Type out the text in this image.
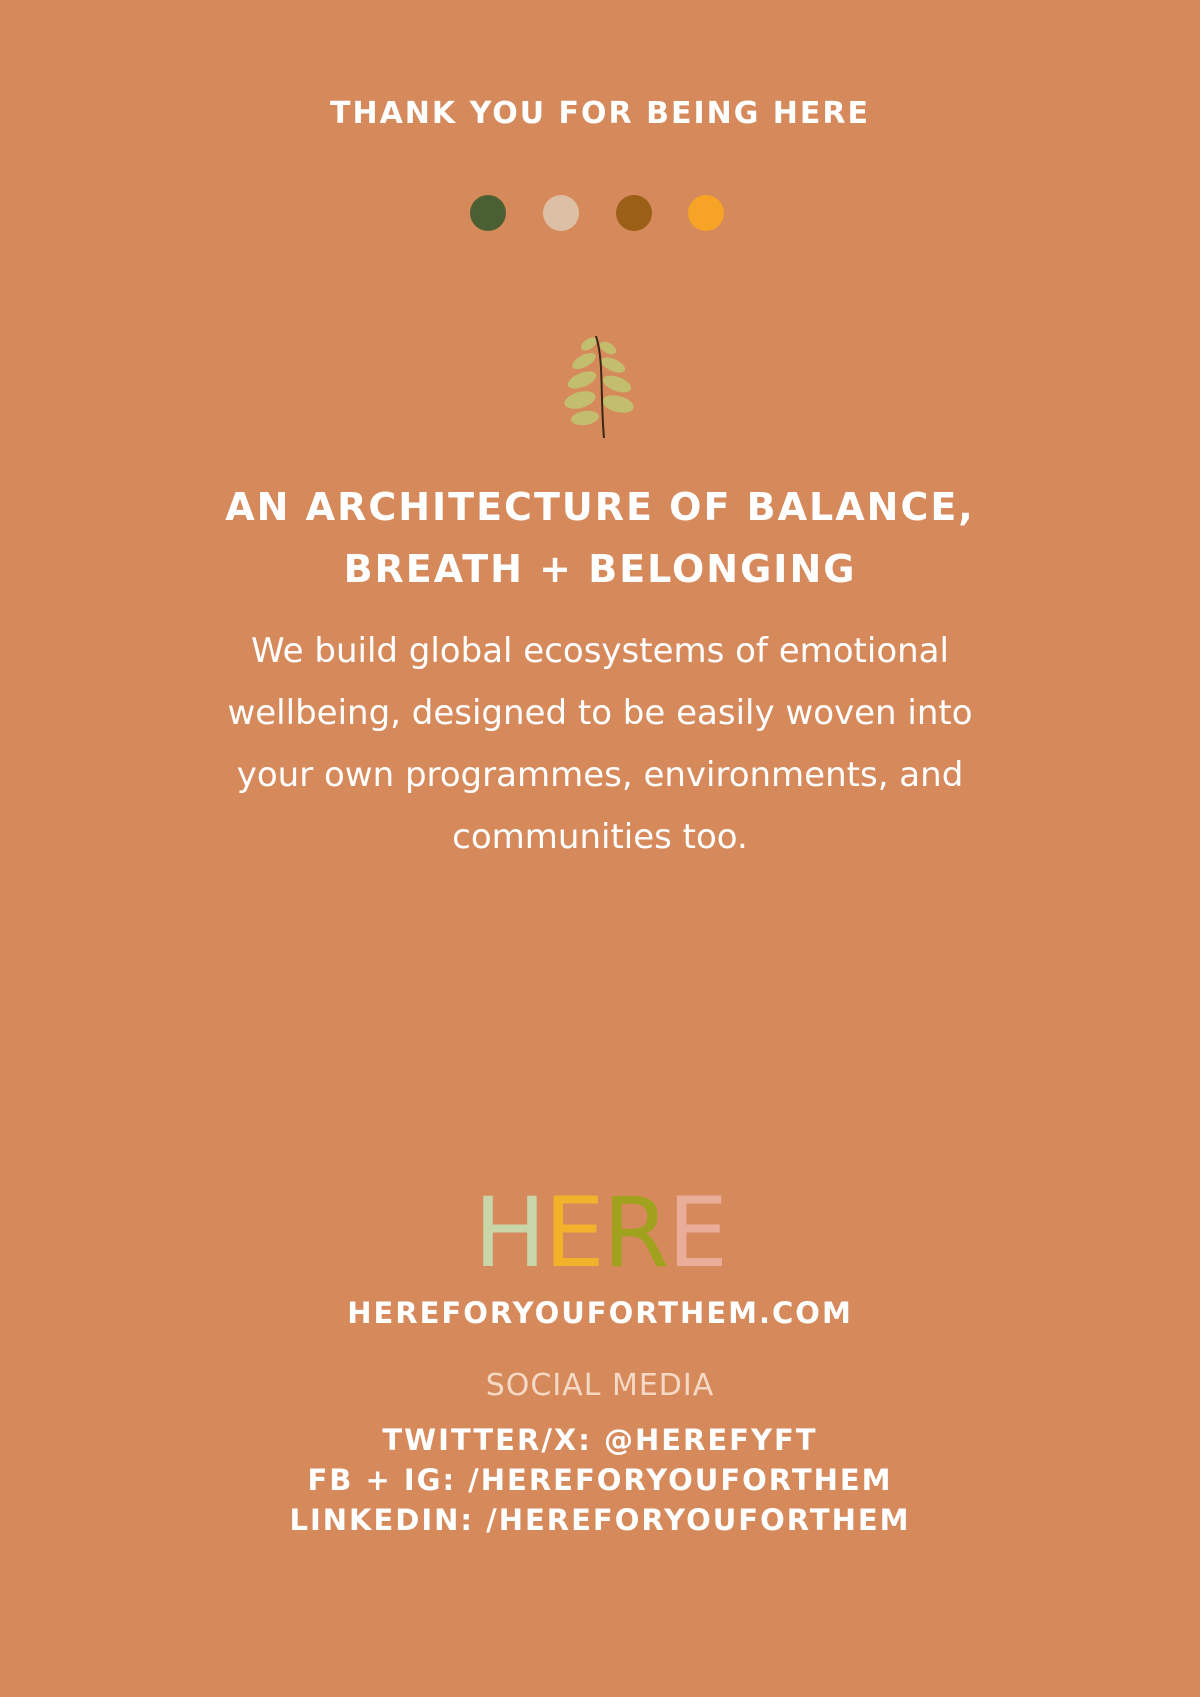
THANK YOU FOR BEING HERE
AN ARCHITECTURE OF BALANCE,
BREATH + BELONGING
We build global ecosystems of emotional
wellbeing, designed to be easily woven into
your own programmes, environments, and
communities too.
HERE
HEREFORYOUFORTHEM.COM
SOCIAL MEDIA
TWITTER/X: @HEREFYFT
FB + IG: /HEREFORYOUFORTHEM
LINKEDIN: /HEREFORYOUFORTHEM
